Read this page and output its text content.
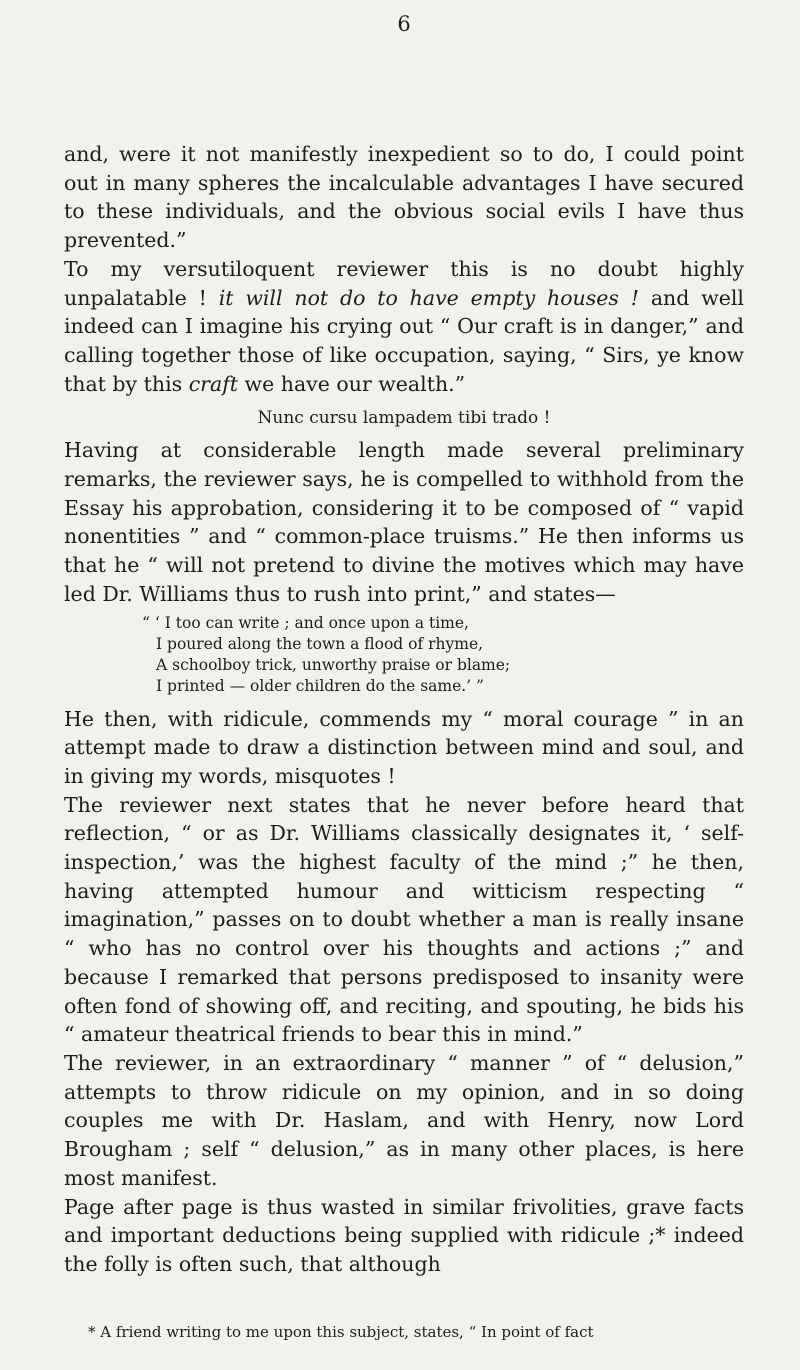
6

and, were it not manifestly inexpedient so to do, I could point out in many spheres the incalculable advantages I have secured to these individuals, and the obvious social evils I have thus prevented.”

To my versutiloquent reviewer this is no doubt highly unpalatable ! it will not do to have empty houses ! and well indeed can I imagine his crying out “ Our craft is in danger,” and calling together those of like occupation, saying, “ Sirs, ye know that by this craft we have our wealth.”

Nunc cursu lampadem tibi trado !

Having at considerable length made several preliminary remarks, the reviewer says, he is compelled to withhold from the Essay his approbation, considering it to be composed of “ vapid nonentities ” and “ common-place truisms.” He then informs us that he “ will not pretend to divine the motives which may have led Dr. Williams thus to rush into print,” and states—

“ ‘ I too can write ; and once upon a time,
I poured along the town a flood of rhyme,
A schoolboy trick, unworthy praise or blame;
I printed — older children do the same.’ ”

He then, with ridicule, commends my “ moral courage ” in an attempt made to draw a distinction between mind and soul, and in giving my words, misquotes !

The reviewer next states that he never before heard that reflection, “ or as Dr. Williams classically designates it, ‘ self-inspection,’ was the highest faculty of the mind ;” he then, having attempted humour and witticism respecting “ imagination,” passes on to doubt whether a man is really insane “ who has no control over his thoughts and actions ;” and because I remarked that persons predisposed to insanity were often fond of showing off, and reciting, and spouting, he bids his “ amateur theatrical friends to bear this in mind.”

The reviewer, in an extraordinary “ manner ” of “ delusion,” attempts to throw ridicule on my opinion, and in so doing couples me with Dr. Haslam, and with Henry, now Lord Brougham ; self “ delusion,” as in many other places, is here most manifest.

Page after page is thus wasted in similar frivolities, grave facts and important deductions being supplied with ridicule ;* indeed the folly is often such, that although

* A friend writing to me upon this subject, states, “ In point of fact
